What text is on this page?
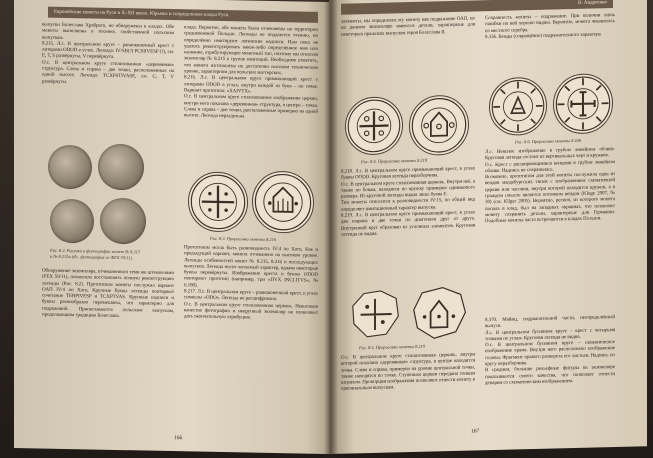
Европейские монеты на Руси в X–XII веках. Юрьевы и сопредельные клады Руси.
выпуски Болеслава Храброго, но обнаружены в кладах. Обе монеты выполнены в технике, свойственной польским выпускам.
8.215. Л.с. В центральном круге – равноконечный крест с литерами ODOD в углах. Легенда: IV/SB(?) PCSIIVESP (?), см. Е, Т, S развёрнуты, V перевёрнута.
О.с. В центральном круге стилизованная «деревянная» структура. Слева и справа – две точки, расположенные на одной высоте. Легенда: TCXPSTIVASE, см. С, Т, V развёрнуты.
Рис. 8.2. Рисунки и фотографии монет № 8.215
и № 8.215а (Ф.: фотография из ФЕХ 59/11).
Обнаружение экземпляра, отчеканенного теми же штемпелями (FEX 59/11), позволило восстановить полную реконструкцию легенды (Рис. 8.2). Прототипом монеты послужил вариант OAП IV:4 по Хатц. Крупные буквы легенды повторяют сочетание TERPIVESP и TCXPTVAS. Крупные надписи и буквы разнообразно перемешаны, что характерно для подражаний. Приписываются польским выпускам, продолжавшим традицию Болеслава.
клада. Вероятно, обе монеты были отчеканены на территории средневековой Польши. Легенды не поддаются чтению, но определённо имитируют латинские надписи. Нам пока не удалось реконструировать какое-либо определённое имя или название, атрибутирующее монетный тип, поэтому мы относим экземпляр № 8.215 к группе имитаций. Необходимо отметить, что монета изготовлена на достаточно высоком техническом уровне, характерном для польских мастерских.
8.216. Л.с. В центральном круге примыкающий крест с литерами ODOD в углах, внутри каждой из букв – по точке. Вариант прототипа: «XAIVTX».
О.с. В центральном круге стилизованное изображение церкви, внутри него показана «деревянная» структура, в центре – точка. Слева и справа – две точки, расположенные примерно на одной высоте. Легенда нераздельна.
Рис. 8.3. Прорисовка монеты 8.216
Прототипом могла быть разновидность IV:4 по Хатц. Как и предыдущий вариант, монета отчеканена на высоком уровне. Легенды особенностей монет № 8.215, 8.216 и последующих выпусков. Легенда носит читаемый характер, однако некоторые буквы перевёрнуты. Изображение креста и буквы ODOD повторяют прототип (например, три «DVX INCLITVS», № 6.180).
8.217. Л.с. В центральном круге – равноконечный крест, в углах символы «ODO». Легенда не расшифрована.
О.с. В центральном круге стилизованная церковь. Невысокое качество фотографии и некрупный экземпляр не позволяют дать окончательную атрибуцию.
166
В. Андреенко
элементы, мы определили эту монету как подражание ОАП, но на данном экземпляре имеются детали, характерные для некоторых пражских выпусков героя Болеслава II.
Рис. 8.4. Прорисовка монеты 8.218
8.218. Л.с. В центральном круге примыкающий крест, в углах буквы OODD. Круговая легенда неразборчива.
О.с. В центральном круге стилизованная церковь. Внутри неё, а также по бокам, находятся по кружку примерно одинакового размера. Из круговой легенды видна лишь буква Е.
Тип монеты относится к разновидности IV:15, по общей вид определяет имитационный характер выпуска.
8.219. Л.с. В центральном круге примыкающий крест, в углах два шарика и две точки по диагонали друг от друга. Внутренний круг образован из условных элементов. Круговая легенда не видна.
Рис. 8.5. Прорисовка монеты 8.219
О.с. В центральном круге стилизованная церковь, внутри которой показана «деревянная» структура, в центре находится точка. Слева и справа, примерно на уровне центральной точки, также находятся по точке. Ступенька церкви передана тонким штрихом. Пропорции изображения позволяют отнести монету к оригинальным выпускам.
Сохранность монеты – подражание. При наличии лишь ошибки на ней хорошо видны. Вероятно, монета чеканилась из местного серебра.
8.336. Венды (сокращённо) подражательного характера
Рис. 8.6. Прорисовка монеты 8.336
Л.с. Неясное изображение в грубом линейном облике. Круговая легенда состоит из вертикальных черт и кружков.
О.с. Крест с расширяющимися концами в грубом линейном облике. Надпись не сохранилась.
Возможно, прототипом для этой монеты послужила одна из вендов магдебургских типов с изображением схематичной церкви или часовни, внутри которой находится кружок, а в граждом смысле является потомком вендов (Kluge 2007, № 30) (см. Kilger 2005). Вероятно, регион, из которого монета попала в клад, был на западных окраинах, что позволяет монету сохранить детали, характерные для Германии. Подобные монеты часто встречаются в кладах Польши.
8.370. Майнц, подражательной части, неопределённый выпуск.
Л.с. В центральном бусинном круге – крест с четырьмя точками по углам. Круговая легенда не видна.
О.с. В центральном бусинном круге – схематическое изображение храма. Внутри него расположено изображение головы. Фрагмент правого разворота его листьев. Надпись по кругу неразборчива.
В среднем, большие рельефные фигуры на экземпляре показываются своего качества, что позволяет отнести денарии со схематическим изображением.
167
